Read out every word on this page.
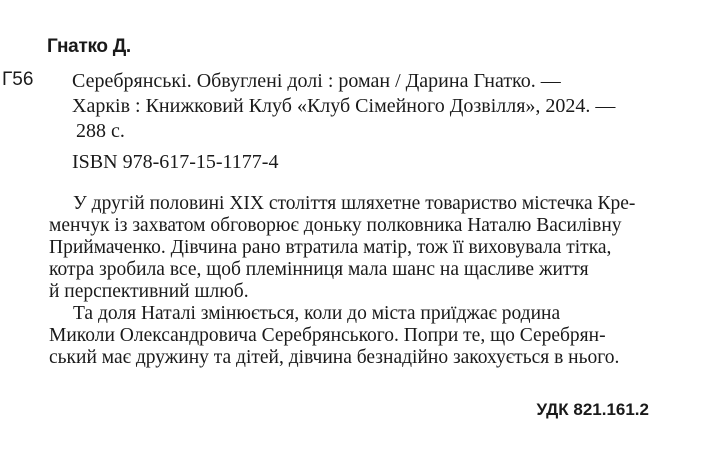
Гнатко Д.
Г56 Серебрянські. Обвуглені долі : роман / Дарина Гнатко. —
Харків : Книжковий Клуб «Клуб Сімейного Дозвілля», 2024. —
288 с.
ISBN 978-617-15-1177-4
У другій половині XIX століття шляхетне товариство містечка Кре-
менчук із захватом обговорює доньку полковника Наталю Василівну
Приймаченко. Дівчина рано втратила матір, тож її виховувала тітка,
котра зробила все, щоб племінниця мала шанс на щасливе життя
й перспективний шлюб.
Та доля Наталі змінюється, коли до міста приїджає родина
Миколи Олександровича Серебрянського. Попри те, що Серебрян-
ський має дружину та дітей, дівчина безнадійно закохується в нього.
УДК 821.161.2
